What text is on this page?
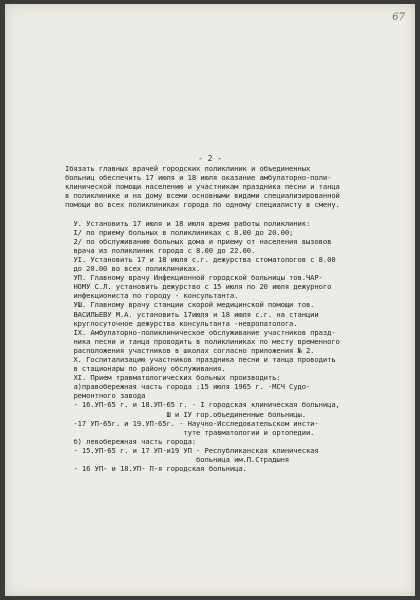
67
- 2 -
Iбязать главных врачей городских поликлиник и объединенных
больниц обеспечить 17 июля и 18 июля оказание амбулаторно-поли-
клинической помощи населению и участникам праздника песни и танца
в поликлинике и на дому всеми основными видами специализированной
помощи во всех поликлиниках города по одному специалисту в смену.
У. Установить 17 июля и 18 июля время работы поликлиник:
I/ по приему больных в поликлиниках с 8.00 до 20.00;
2/ по обслуживанию больных дома и приему от населения вызовов
врача из поликлиник города с 8.00 до 22.00.
УI. Установить 17 и 18 июля с.г. дежурства стоматологов с 8.00
до 20.00 во всех поликлиниках.
УП. Главному врачу Инфекционной городской больницы тов.ЧАР-
НОМУ С.Л. установить дежурство с 15 июля по 20 июля дежурного
инфекциониста по городу - консультанта.
УШ. Главному врачу станции скорой медицинской помощи тов.
ВАСИЛЬЕВУ М.А. установить 17июля и 18 июля с.г. на станции
круглосуточное дежурства консультанта -невропатолога.
IX. Амбулаторно-поликлиническое обслуживание участников празд-
ника песни и танца проводить в поликлиниках по месту временного
расположения участников в школах согласно приложения № 2.
Х. Госпитализацию участников праздника песни и танца проводить
в стационары по району обслуживания.
XI. Прием травматологических больных производить:
а)правобережная часть города :15 июля 1965 г. -МСЧ Судо-
ремонтного завода
- 16.УП-65 г. и 18.УП-65 г. - I городская клиническая больница,
Ш и IУ гор.объединенные больницы.
-17 УП-65г. и 19.УП-65г. - Научно-Исследовательском инсти-
туте травматологии и ортопедии.
б) левобережная часть города:
- 15.УП-65 г. и 17 УП-и19 УП - Республиканская клиническая
больница им.П.Страдыня
- 16 УП- и 18.УП- П-я городская больница.
